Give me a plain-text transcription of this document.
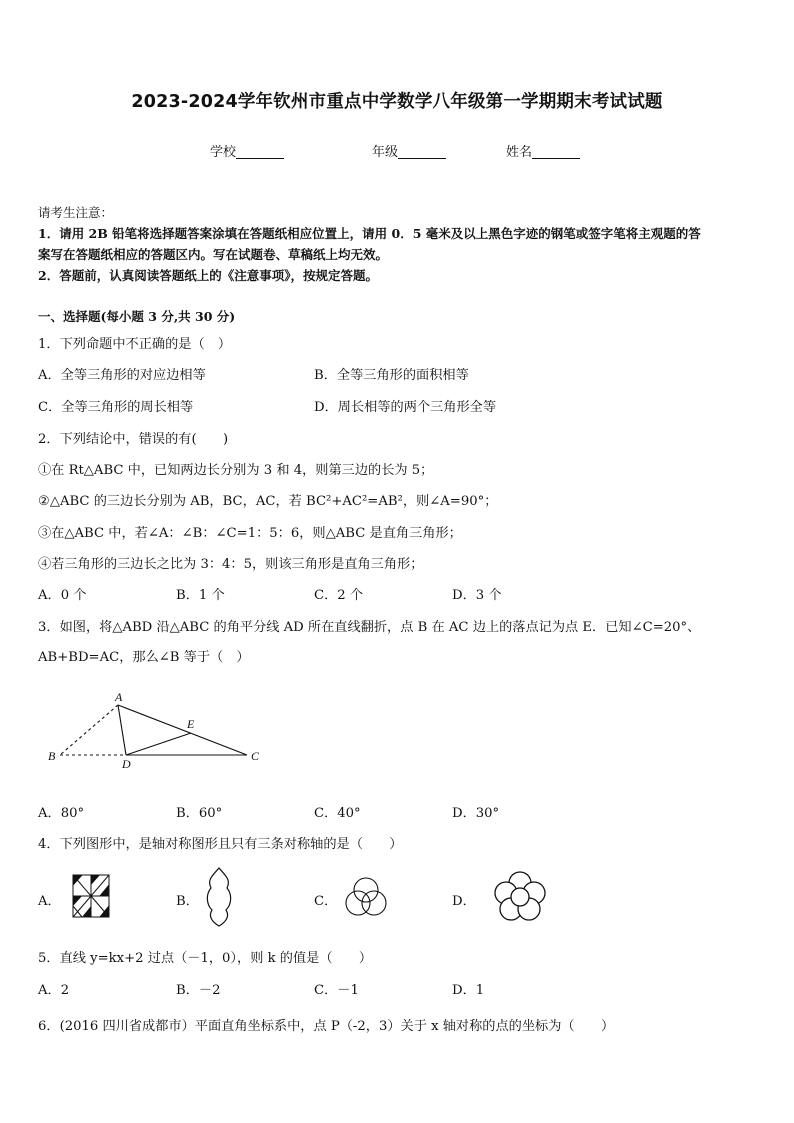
2023-2024学年钦州市重点中学数学八年级第一学期期末考试试题
学校	年级	姓名
请考生注意：
1．请用 2B 铅笔将选择题答案涂填在答题纸相应位置上，请用 0．5 毫米及以上黑色字迹的钢笔或签字笔将主观题的答
案写在答题纸相应的答题区内。写在试题卷、草稿纸上均无效。
2．答题前，认真阅读答题纸上的《注意事项》，按规定答题。
一、选择题(每小题 3 分,共 30 分)
1．下列命题中不正确的是（　）
A．全等三角形的对应边相等	B．全等三角形的面积相等
C．全等三角形的周长相等	D．周长相等的两个三角形全等
2．下列结论中，错误的有(　　)
①在 Rt△ABC 中，已知两边长分别为 3 和 4，则第三边的长为 5；
②△ABC 的三边长分别为 AB，BC，AC，若 BC²+AC²=AB²，则∠A=90°；
③在△ABC 中，若∠A：∠B：∠C=1：5：6，则△ABC 是直角三角形；
④若三角形的三边长之比为 3：4：5，则该三角形是直角三角形；
A．0 个	B．1 个	C．2 个	D．3 个
3．如图，将△ABD 沿△ABC 的角平分线 AD 所在直线翻折，点 B 在 AC 边上的落点记为点 E．已知∠C=20°、
AB+BD=AC，那么∠B 等于（　）
A
B
D
E
C
A．80°	B．60°	C．40°	D．30°
4．下列图形中，是轴对称图形且只有三条对称轴的是（　　）
A．	B．	C．	D．
5．直线 y=kx+2 过点（－1，0），则 k 的值是（　　）
A．2	B．－2	C．－1	D．1
6．(2016 四川省成都市）平面直角坐标系中，点 P（-2，3）关于 x 轴对称的点的坐标为（　　）
